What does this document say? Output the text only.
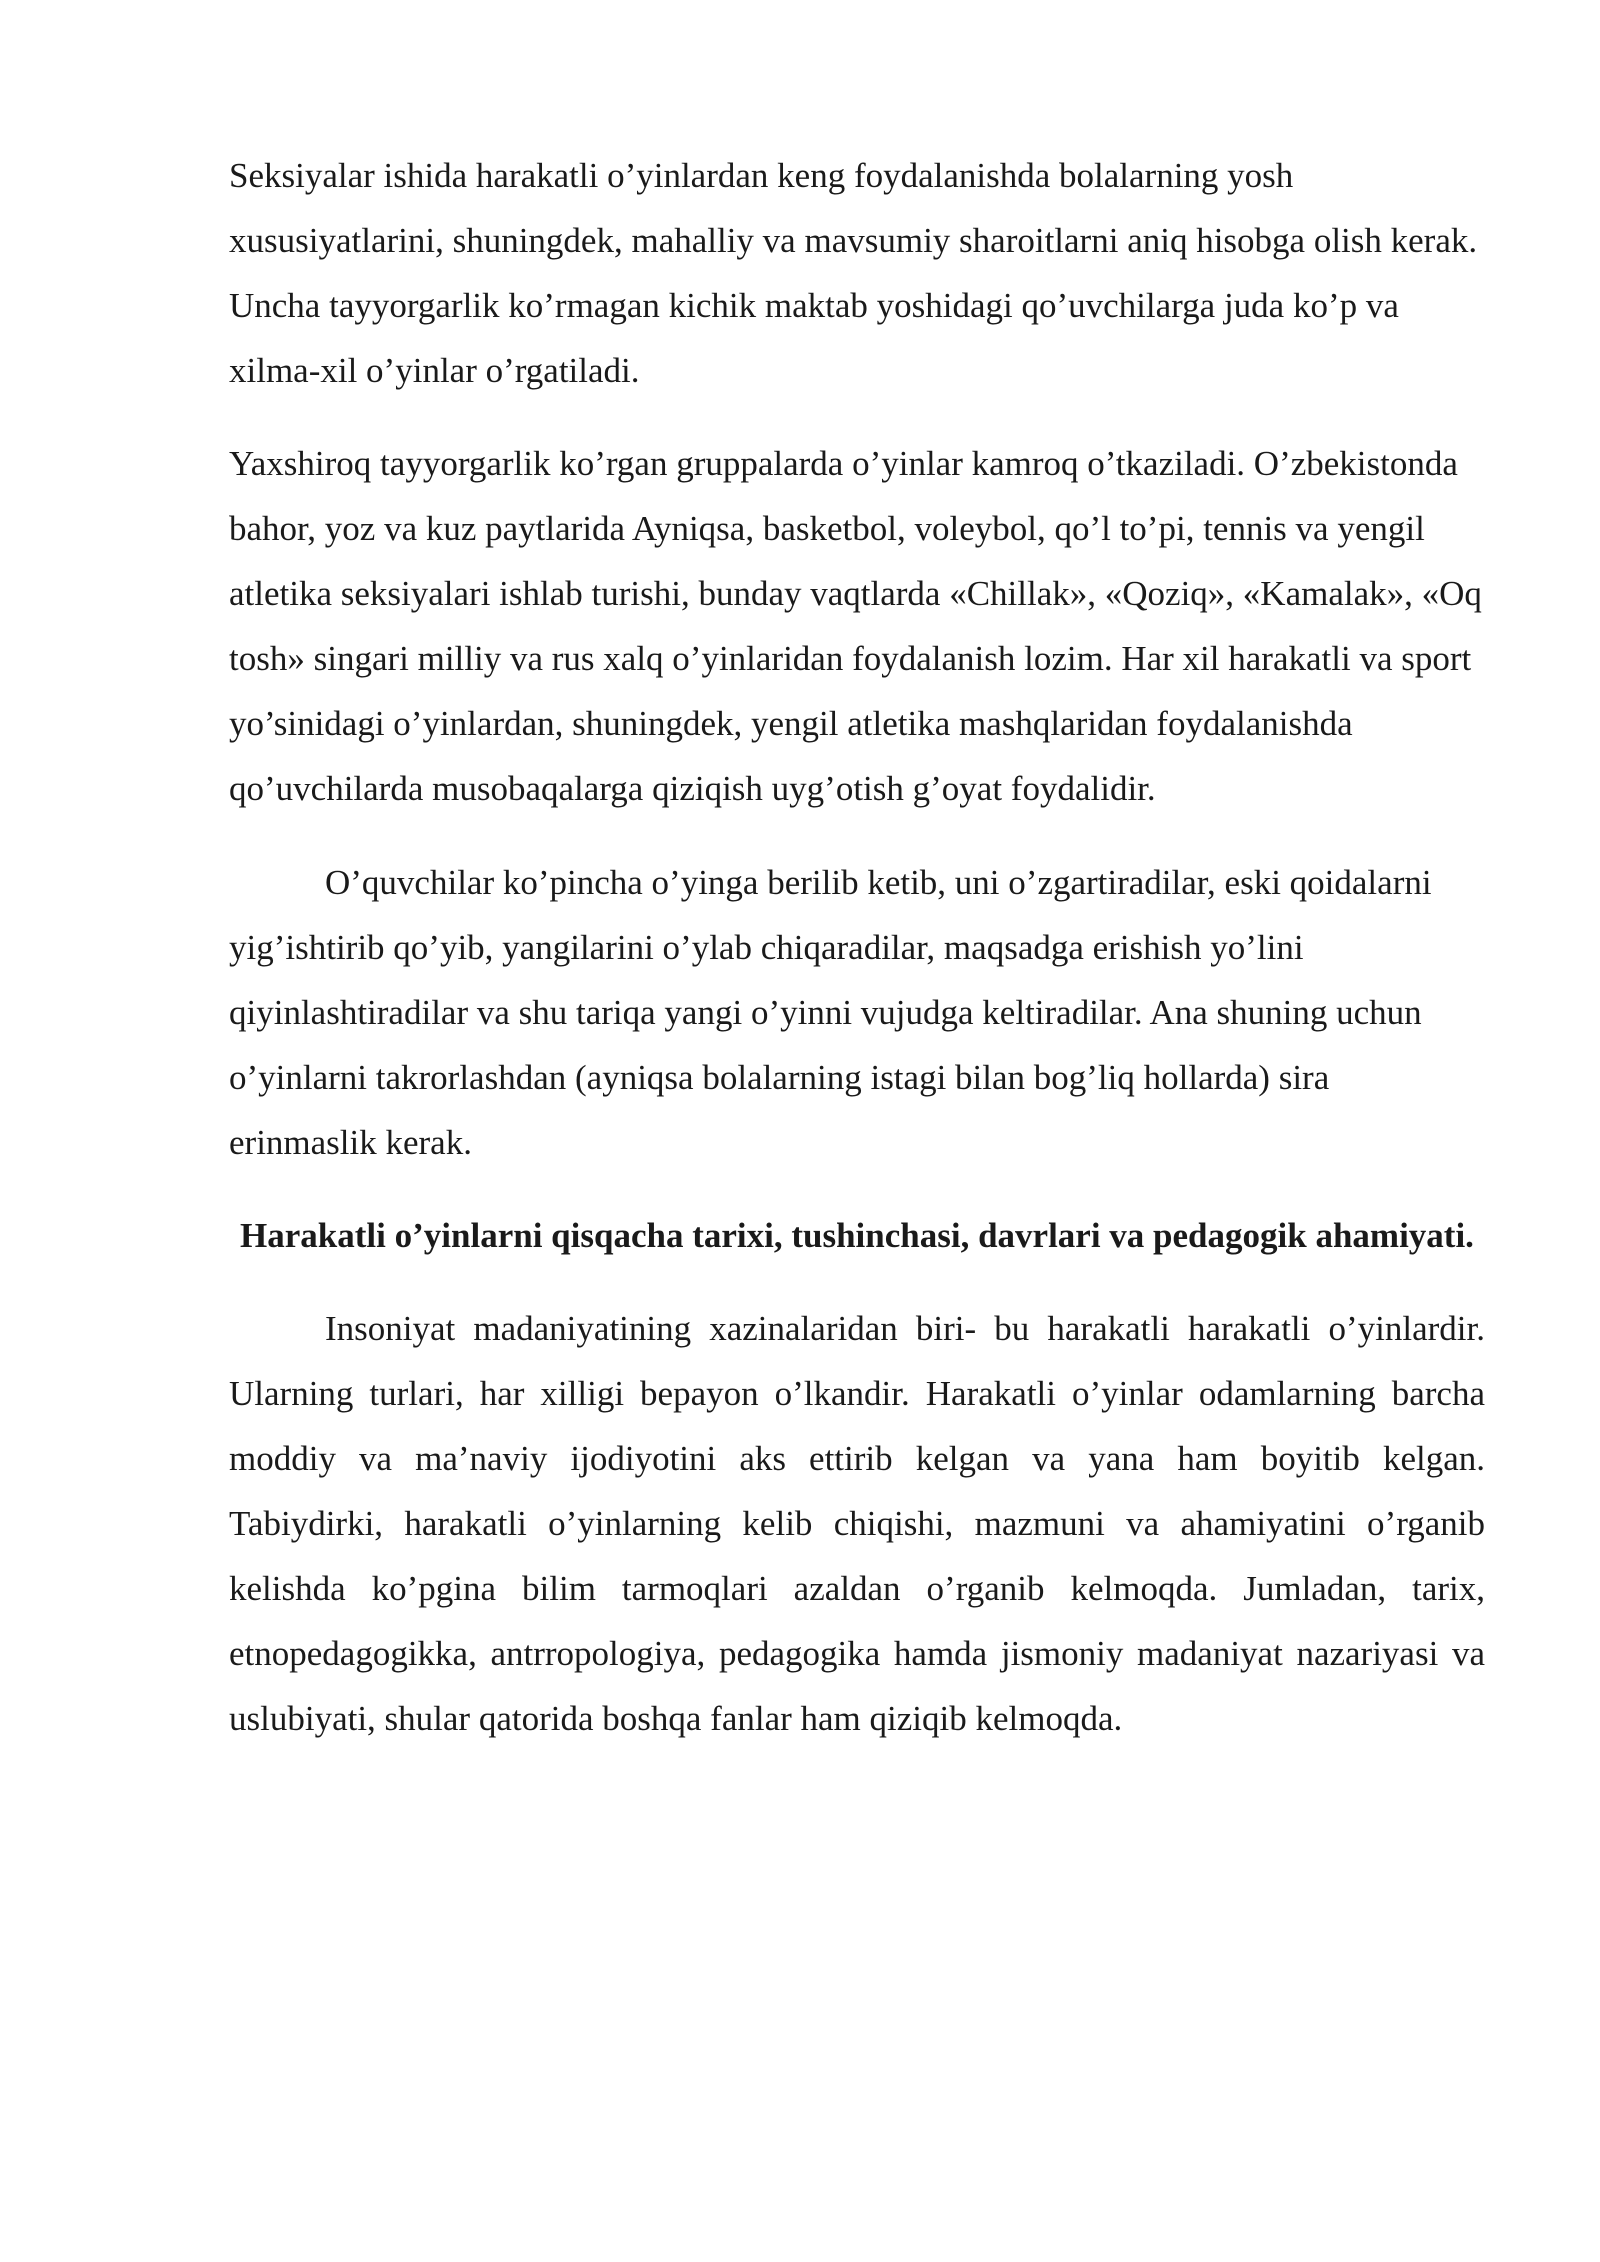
Seksiyalar ishida harakatli o’yinlardan keng foydalanishda bolalarning yosh xususiyatlarini, shuningdek, mahalliy va mavsumiy sharoitlarni aniq hisobga olish kerak. Uncha tayyorgarlik ko’rmagan kichik maktab yoshidagi qo’uvchilarga juda ko’p va xilma-xil o’yinlar o’rgatiladi.

Yaxshiroq tayyorgarlik ko’rgan gruppalarda o’yinlar kamroq o’tkaziladi. O’zbekistonda bahor, yoz va kuz paytlarida Ayniqsa, basketbol, voleybol, qo’l to’pi, tennis va yengil atletika seksiyalari ishlab turishi, bunday vaqtlarda «Chillak», «Qoziq», «Kamalak», «Oq tosh» singari milliy va rus xalq o’yinlaridan foydalanish lozim. Har xil harakatli va sport yo’sinidagi o’yinlardan, shuningdek, yengil atletika mashqlaridan foydalanishda qo’uvchilarda musobaqalarga qiziqish uyg’otish g’oyat foydalidir.

O’quvchilar ko’pincha o’yinga berilib ketib, uni o’zgartiradilar, eski qoidalarni yig’ishtirib qo’yib, yangilarini o’ylab chiqaradilar, maqsadga erishish yo’lini qiyinlashtiradilar va shu tariqa yangi o’yinni vujudga keltiradilar. Ana shuning uchun o’yinlarni takrorlashdan (ayniqsa bolalarning istagi bilan bog’liq hollarda) sira erinmaslik kerak.

Harakatli o’yinlarni qisqacha tarixi, tushinchasi, davrlari va pedagogik ahamiyati.

Insoniyat madaniyatining xazinalaridan biri- bu harakatli harakatli o’yinlardir. Ularning turlari, har xilligi bepayon o’lkandir. Harakatli o’yinlar odamlarning barcha moddiy va ma’naviy ijodiyotini aks ettirib kelgan va yana ham boyitib kelgan. Tabiydirki, harakatli o’yinlarning kelib chiqishi, mazmuni va ahamiyatini o’rganib kelishda ko’pgina bilim tarmoqlari azaldan o’rganib kelmoqda. Jumladan, tarix, etnopedagogikka, antrropologiya, pedagogika hamda jismoniy madaniyat nazariyasi va uslubiyati, shular qatorida boshqa fanlar ham qiziqib kelmoqda.
